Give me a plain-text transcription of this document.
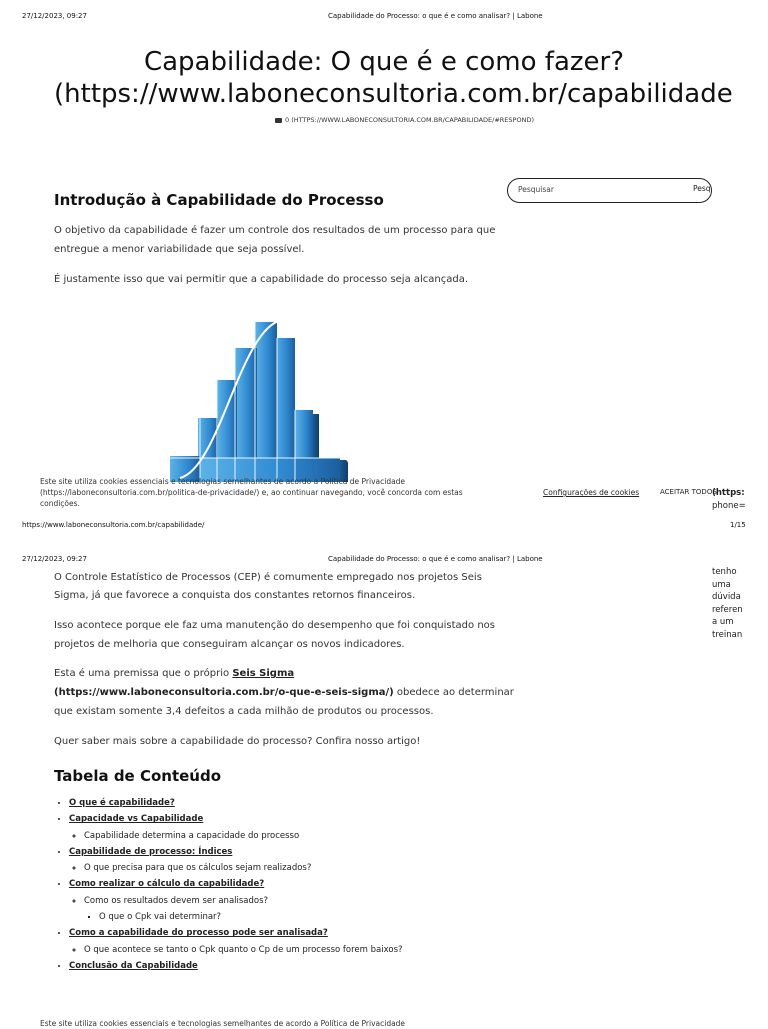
27/12/2023, 09:27	Capabilidade do Processo: o que é e como analisar? | Labone
Capabilidade: O que é e como fazer?
(https://www.laboneconsultoria.com.br/capabilidade
0 (HTTPS://WWW.LABONECONSULTORIA.COM.BR/CAPABILIDADE/#RESPOND)
Pesquisar	Pesq
Introdução à Capabilidade do Processo

O objetivo da capabilidade é fazer um controle dos resultados de um processo para que

entregue a menor variabilidade que seja possível.

É justamente isso que vai permitir que a capabilidade do processo seja alcançada.

Este site utiliza cookies essenciais e tecnologias semelhantes de acordo a Política de Privacidade
(https://laboneconsultoria.com.br/politica-de-privacidade/) e, ao continuar navegando, você concorda com estas
condições.
Configurações de cookies	ACEITAR TODOS
(https:
phone=
https://www.laboneconsultoria.com.br/capabilidade/	1/15
27/12/2023, 09:27	Capabilidade do Processo: o que é e como analisar? | Labone

O Controle Estatístico de Processos (CEP) é comumente empregado nos projetos Seis

Sigma, já que favorece a conquista dos constantes retornos financeiros.

Isso acontece porque ele faz uma manutenção do desempenho que foi conquistado nos

projetos de melhoria que conseguiram alcançar os novos indicadores.

Esta é uma premissa que o próprio Seis Sigma

(https://www.laboneconsultoria.com.br/o-que-e-seis-sigma/) obedece ao determinar

que existam somente 3,4 defeitos a cada milhão de produtos ou processos.

Quer saber mais sobre a capabilidade do processo? Confira nosso artigo!

Tabela de Conteúdo
• O que é capabilidade?
• Capacidade vs Capabilidade
◦ Capabilidade determina a capacidade do processo
• Capabilidade de processo: Índices
◦ O que precisa para que os cálculos sejam realizados?
• Como realizar o cálculo da capabilidade?
◦ Como os resultados devem ser analisados?
▪ O que o Cpk vai determinar?
• Como a capabilidade do processo pode ser analisada?
◦ O que acontece se tanto o Cpk quanto o Cp de um processo forem baixos?
• Conclusão da Capabilidade
tenho
uma
dúvida
referen
a um
treinan
Este site utiliza cookies essenciais e tecnologias semelhantes de acordo a Política de Privacidade
